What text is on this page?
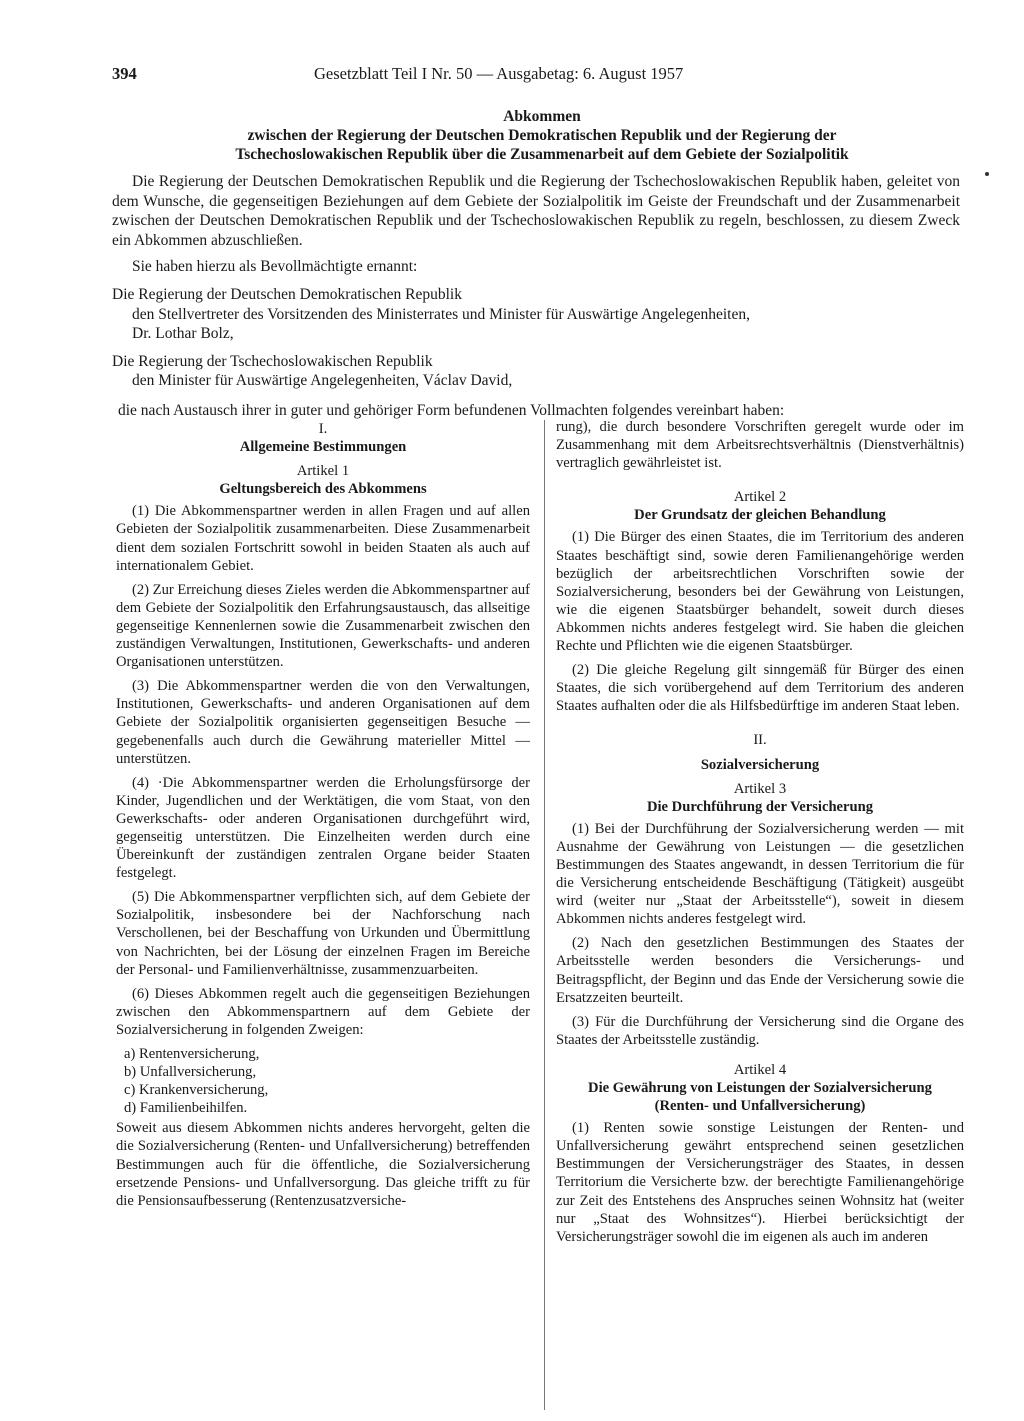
394	Gesetzblatt Teil I Nr. 50 — Ausgabetag: 6. August 1957
Abkommen
zwischen der Regierung der Deutschen Demokratischen Republik und der Regierung der
Tschechoslowakischen Republik über die Zusammenarbeit auf dem Gebiete der Sozialpolitik

Die Regierung der Deutschen Demokratischen Republik und die Regierung der Tschechoslowakischen Republik haben, geleitet von dem Wunsche, die gegenseitigen Beziehungen auf dem Gebiete der Sozialpolitik im Geiste der Freundschaft und der Zusammenarbeit zwischen der Deutschen Demokratischen Republik und der Tschechoslowakischen Republik zu regeln, beschlossen, zu diesem Zweck ein Abkommen abzuschließen.

Sie haben hierzu als Bevollmächtigte ernannt:

Die Regierung der Deutschen Demokratischen Republik

den Stellvertreter des Vorsitzenden des Ministerrates und Minister für Auswärtige Angelegenheiten,

Dr. Lothar Bolz,

Die Regierung der Tschechoslowakischen Republik

den Minister für Auswärtige Angelegenheiten, Václav David,

die nach Austausch ihrer in guter und gehöriger Form befundenen Vollmachten folgendes vereinbart haben:

I.

Allgemeine Bestimmungen

Artikel 1

Geltungsbereich des Abkommens

(1) Die Abkommenspartner werden in allen Fragen und auf allen Gebieten der Sozialpolitik zusammenarbeiten. Diese Zusammenarbeit dient dem sozialen Fortschritt sowohl in beiden Staaten als auch auf internationalem Gebiet.

(2) Zur Erreichung dieses Zieles werden die Abkommenspartner auf dem Gebiete der Sozialpolitik den Erfahrungsaustausch, das allseitige gegenseitige Kennenlernen sowie die Zusammenarbeit zwischen den zuständigen Verwaltungen, Institutionen, Gewerkschafts- und anderen Organisationen unterstützen.

(3) Die Abkommenspartner werden die von den Verwaltungen, Institutionen, Gewerkschafts- und anderen Organisationen auf dem Gebiete der Sozialpolitik organisierten gegenseitigen Besuche — gegebenenfalls auch durch die Gewährung materieller Mittel — unterstützen.

(4) ·Die Abkommenspartner werden die Erholungsfürsorge der Kinder, Jugendlichen und der Werktätigen, die vom Staat, von den Gewerkschafts- oder anderen Organisationen durchgeführt wird, gegenseitig unterstützen. Die Einzelheiten werden durch eine Übereinkunft der zuständigen zentralen Organe beider Staaten festgelegt.

(5) Die Abkommenspartner verpflichten sich, auf dem Gebiete der Sozialpolitik, insbesondere bei der Nachforschung nach Verschollenen, bei der Beschaffung von Urkunden und Übermittlung von Nachrichten, bei der Lösung der einzelnen Fragen im Bereiche der Personal- und Familienverhältnisse, zusammenzuarbeiten.

(6) Dieses Abkommen regelt auch die gegenseitigen Beziehungen zwischen den Abkommenspartnern auf dem Gebiete der Sozialversicherung in folgenden Zweigen:

a) Rentenversicherung,
b) Unfallversicherung,
c) Krankenversicherung,
d) Familienbeihilfen.

Soweit aus diesem Abkommen nichts anderes hervorgeht, gelten die die Sozialversicherung (Renten- und Unfallversicherung) betreffenden Bestimmungen auch für die öffentliche, die Sozialversicherung ersetzende Pensions- und Unfallversorgung. Das gleiche trifft zu für die Pensionsaufbesserung (Rentenzusatzversiche-

rung), die durch besondere Vorschriften geregelt wurde oder im Zusammenhang mit dem Arbeitsrechtsverhältnis (Dienstverhältnis) vertraglich gewährleistet ist.

Artikel 2

Der Grundsatz der gleichen Behandlung

(1) Die Bürger des einen Staates, die im Territorium des anderen Staates beschäftigt sind, sowie deren Familienangehörige werden bezüglich der arbeitsrechtlichen Vorschriften sowie der Sozialversicherung, besonders bei der Gewährung von Leistungen, wie die eigenen Staatsbürger behandelt, soweit durch dieses Abkommen nichts anderes festgelegt wird. Sie haben die gleichen Rechte und Pflichten wie die eigenen Staatsbürger.

(2) Die gleiche Regelung gilt sinngemäß für Bürger des einen Staates, die sich vorübergehend auf dem Territorium des anderen Staates aufhalten oder die als Hilfsbedürftige im anderen Staat leben.

II.

Sozialversicherung

Artikel 3

Die Durchführung der Versicherung

(1) Bei der Durchführung der Sozialversicherung werden — mit Ausnahme der Gewährung von Leistungen — die gesetzlichen Bestimmungen des Staates angewandt, in dessen Territorium die für die Versicherung entscheidende Beschäftigung (Tätigkeit) ausgeübt wird (weiter nur „Staat der Arbeitsstelle“), soweit in diesem Abkommen nichts anderes festgelegt wird.

(2) Nach den gesetzlichen Bestimmungen des Staates der Arbeitsstelle werden besonders die Versicherungs- und Beitragspflicht, der Beginn und das Ende der Versicherung sowie die Ersatzzeiten beurteilt.

(3) Für die Durchführung der Versicherung sind die Organe des Staates der Arbeitsstelle zuständig.

Artikel 4

Die Gewährung von Leistungen der Sozialversicherung

(Renten- und Unfallversicherung)

(1) Renten sowie sonstige Leistungen der Renten- und Unfallversicherung gewährt entsprechend seinen gesetzlichen Bestimmungen der Versicherungsträger des Staates, in dessen Territorium die Versicherte bzw. der berechtigte Familienangehörige zur Zeit des Entstehens des Anspruches seinen Wohnsitz hat (weiter nur „Staat des Wohnsitzes“). Hierbei berücksichtigt der Versicherungsträger sowohl die im eigenen als auch im anderen
